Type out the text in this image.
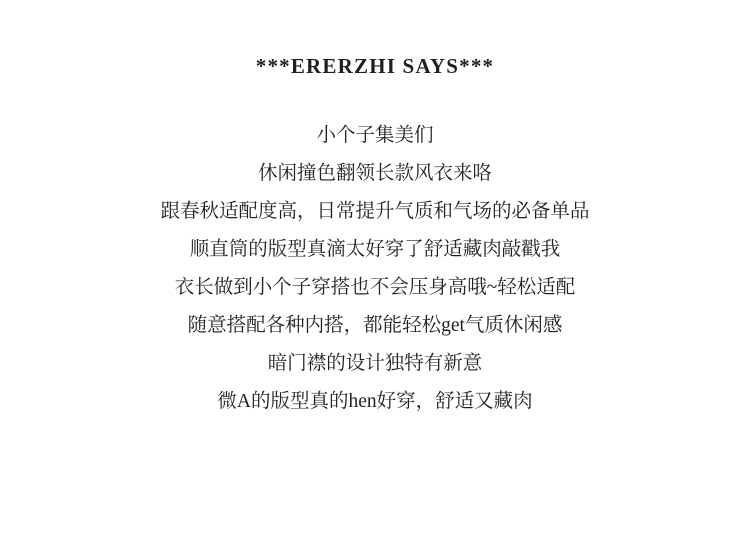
***ERERZHI SAYS***
小个子集美们
休闲撞色翻领长款风衣来咯
跟春秋适配度高，日常提升气质和气场的必备单品
顺直筒的版型真滴太好穿了舒适藏肉敲戳我
衣长做到小个子穿搭也不会压身高哦~轻松适配
随意搭配各种内搭，都能轻松get气质休闲感
暗门襟的设计独特有新意
微A的版型真的hen好穿，舒适又藏肉
